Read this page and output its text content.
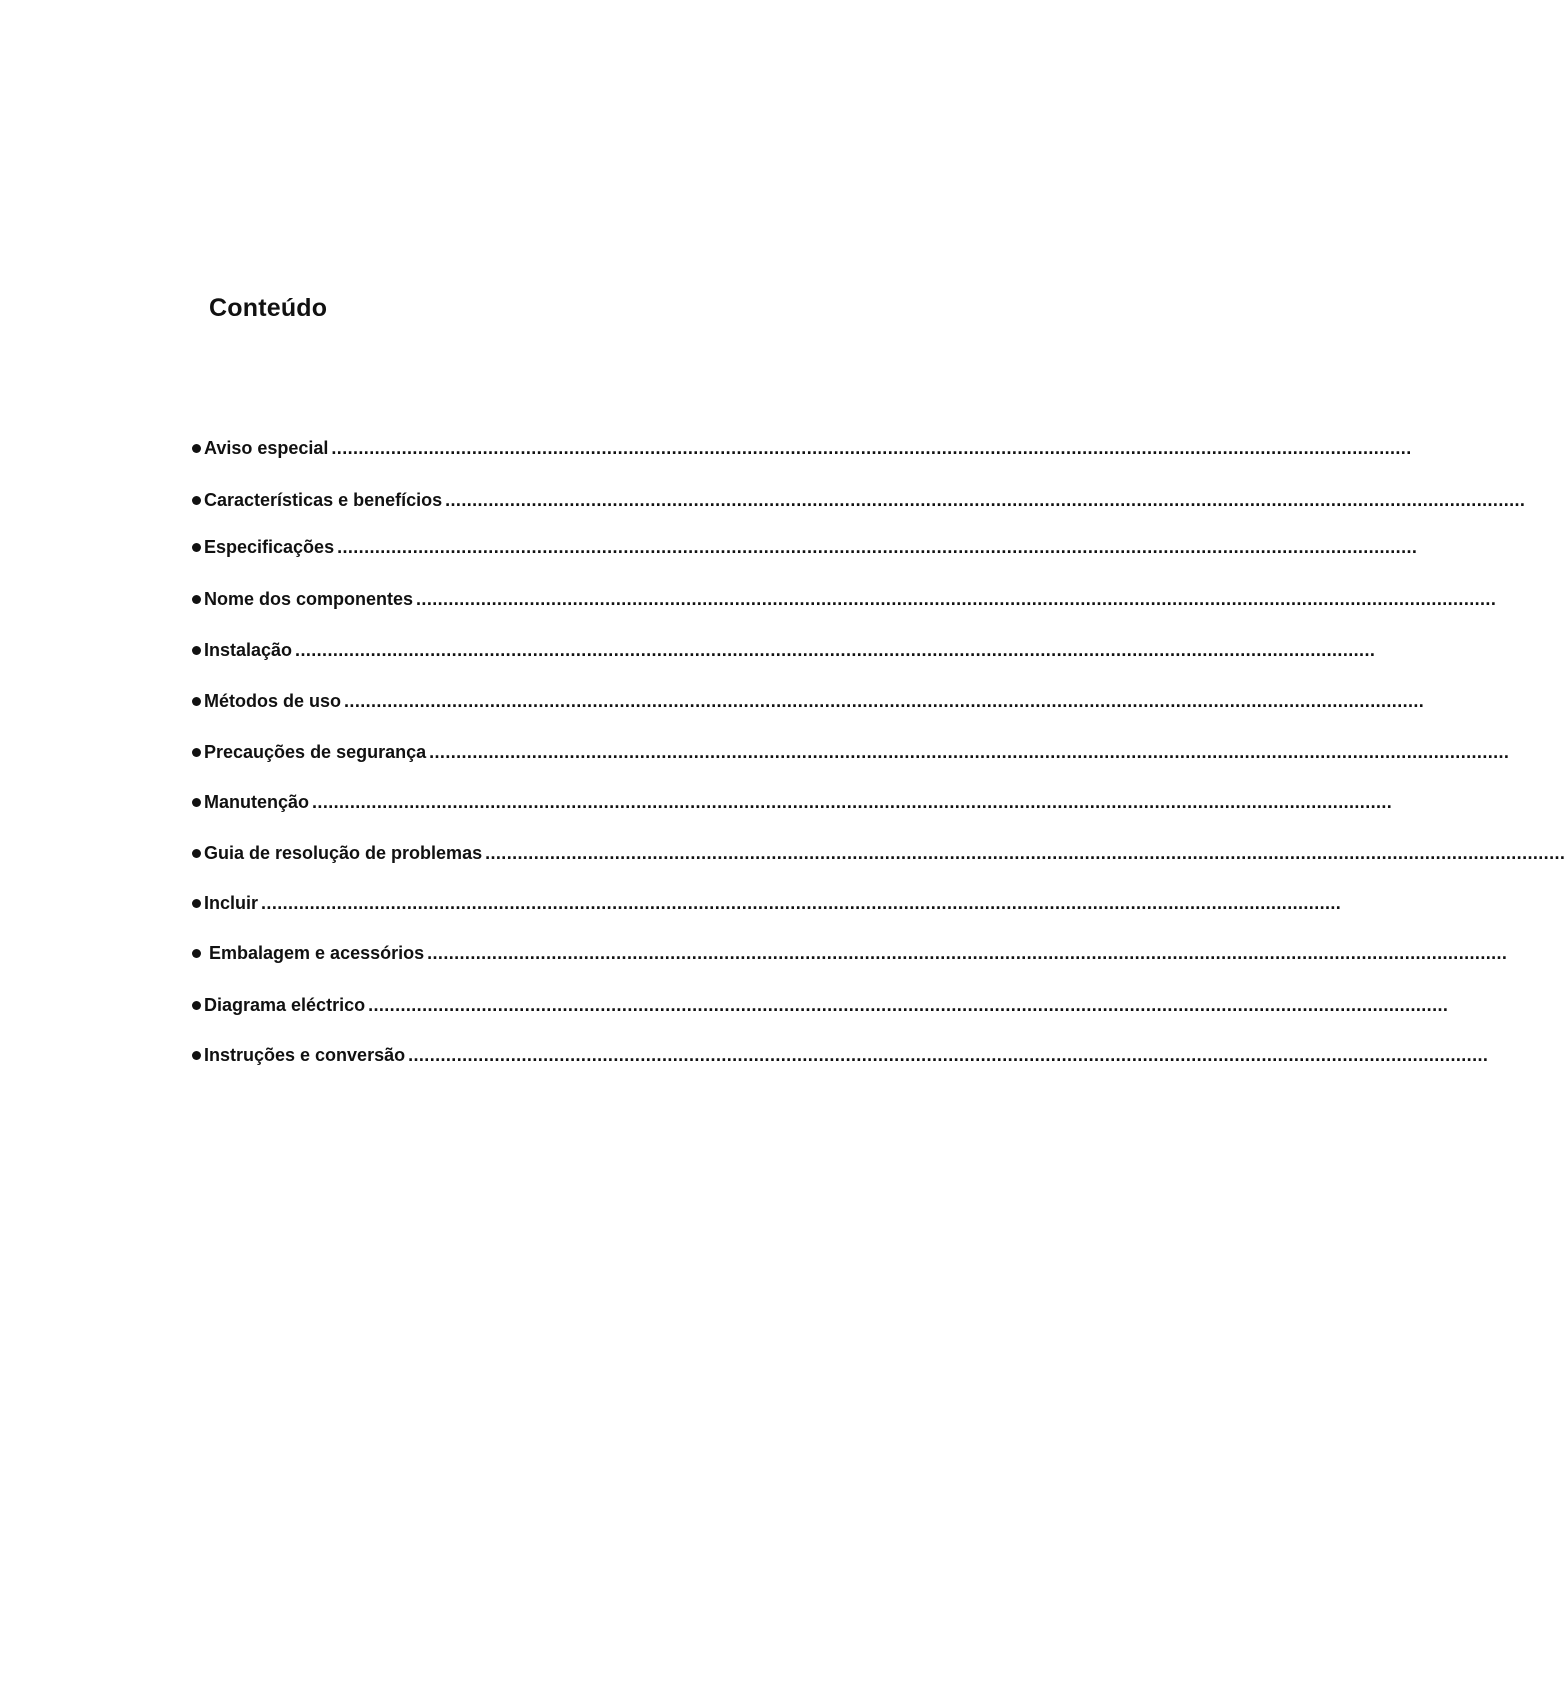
Conteúdo
Aviso especial ........................................................................................................................................................................................................
Características e benefícios ........................................................................................................................................................................................................
Especificações ........................................................................................................................................................................................................
Nome dos componentes ........................................................................................................................................................................................................
Instalação ........................................................................................................................................................................................................
Métodos de uso ........................................................................................................................................................................................................
Precauções de segurança ........................................................................................................................................................................................................
Manutenção ........................................................................................................................................................................................................
Guia de resolução de problemas ........................................................................................................................................................................................................
Incluir ........................................................................................................................................................................................................
Embalagem e acessórios ........................................................................................................................................................................................................
Diagrama eléctrico ........................................................................................................................................................................................................
Instruções e conversão ........................................................................................................................................................................................................
